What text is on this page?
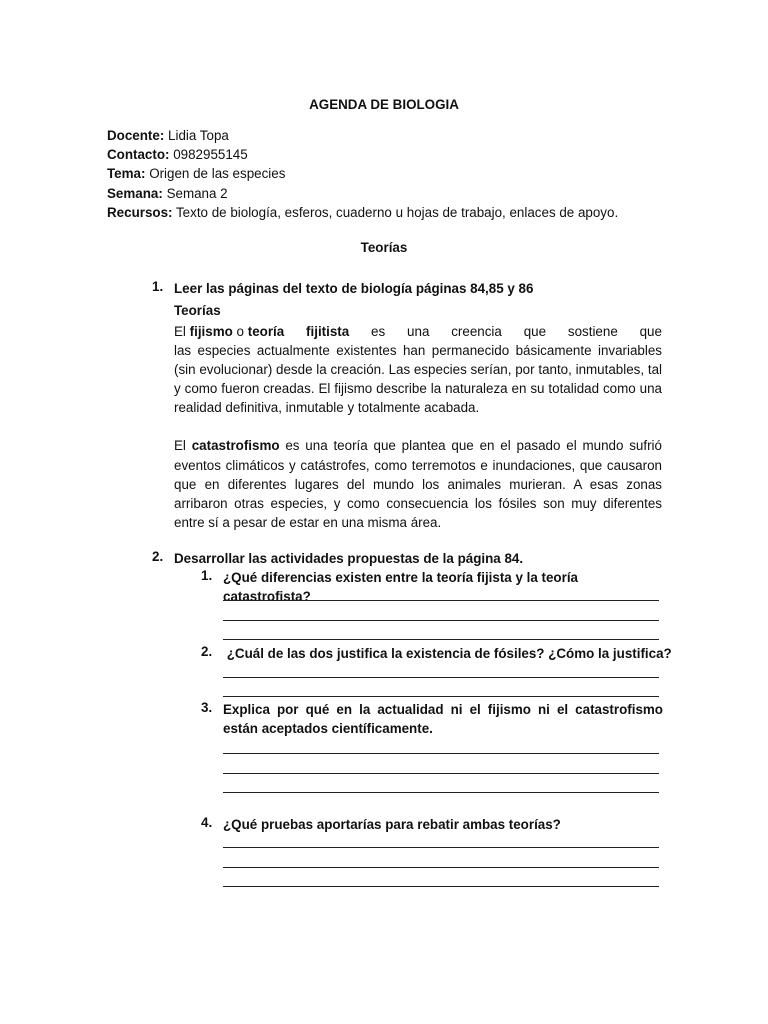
AGENDA DE BIOLOGIA
Docente: Lidia Topa
Contacto: 0982955145
Tema: Origen de las especies
Semana: Semana 2
Recursos: Texto de biología, esferos, cuaderno u hojas de trabajo, enlaces de apoyo.
Teorías
1. Leer las páginas del texto de biología páginas 84,85 y 86
Teorías
El fijismo o teoría fijitista es una creencia que sostiene que

las especies actualmente existentes han permanecido básicamente invariables (sin evolucionar) desde la creación. Las especies serían, por tanto, inmutables, tal y como fueron creadas. El fijismo describe la naturaleza en su totalidad como una realidad definitiva, inmutable y totalmente acabada.

El catastrofismo es una teoría que plantea que en el pasado el mundo sufrió eventos climáticos y catástrofes, como terremotos e inundaciones, que causaron que en diferentes lugares del mundo los animales murieran. A esas zonas arribaron otras especies, y como consecuencia los fósiles son muy diferentes entre sí a pesar de estar en una misma área.

2. Desarrollar las actividades propuestas de la página 84.
1. ¿Qué diferencias existen entre la teoría fijista y la teoría catastrofista?
2. ¿Cuál de las dos justifica la existencia de fósiles? ¿Cómo la justifica?
3. Explica por qué en la actualidad ni el fijismo ni el catastrofismo están aceptados científicamente.
4. ¿Qué pruebas aportarías para rebatir ambas teorías?
